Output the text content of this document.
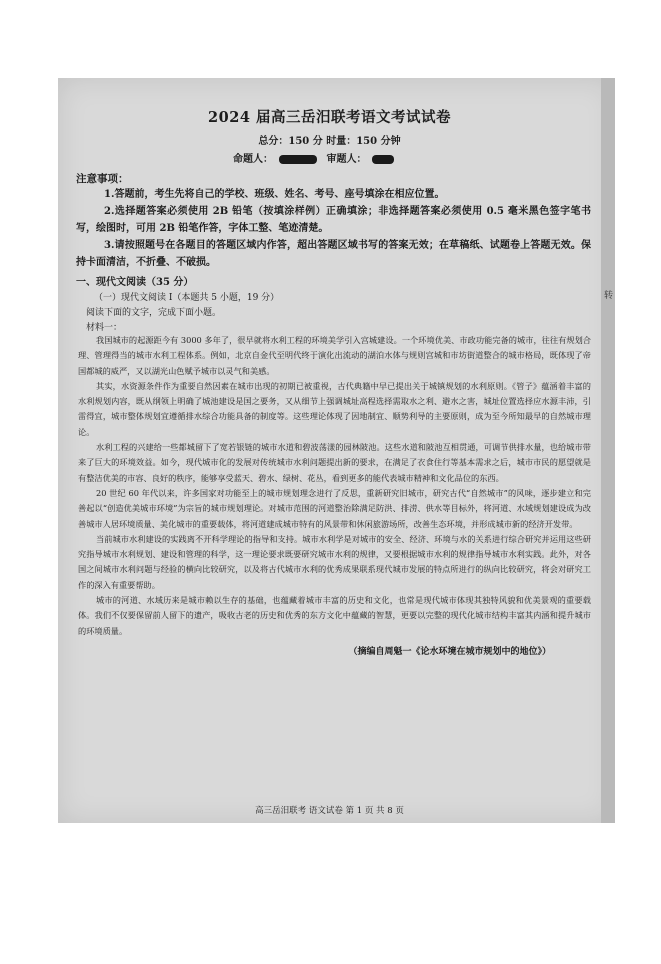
转
2024 届高三岳汨联考语文考试试卷
总分：150 分 时量：150 分钟
命题人：	审题人：
注意事项：
1.答题前，考生先将自己的学校、班级、姓名、考号、座号填涂在相应位置。
2.选择题答案必须使用 2B 铅笔（按填涂样例）正确填涂；非选择题答案必须使用 0.5 毫米黑色签字笔书写，绘图时，可用 2B 铅笔作答，字体工整、笔迹清楚。
3.请按照题号在各题目的答题区域内作答，超出答题区域书写的答案无效；在草稿纸、试题卷上答题无效。保持卡面清洁，不折叠、不破损。
一、现代文阅读（35 分）
（一）现代文阅读 I（本题共 5 小题，19 分）
阅读下面的文字，完成下面小题。
材料一：
我国城市的起源距今有 3000 多年了，很早就将水利工程的环境美学引入宫城建设。一个环境优美、市政功能完备的城市，往往有规划合理、管理得当的城市水利工程体系。例如，北京自金代至明代终于演化出流动的湖泊水体与规则宫城和市坊街道整合的城市格局，既体现了帝国都城的威严，又以湖光山色赋予城市以灵气和美感。
其实，水资源条件作为重要自然因素在城市出现的初期已被重视，古代典籍中早已提出关于城镇规划的水利原则。《管子》蕴涵着丰富的水利规划内容，既从纲领上明确了城池建设是国之要务，又从细节上强调城址高程选择需取水之利、避水之害，城址位置选择应水源丰沛，引雷得宜，城市整体规划宜遵循排水综合功能具备的制度等。这些理论体现了因地制宜、顺势利导的主要原则，成为至今所知最早的自然城市理论。
水利工程的兴建给一些都城留下了宽若银链的城市水道和碧波荡漾的园林陂池。这些水道和陂池互相贯通，可调节供排水量，也给城市带来了巨大的环境效益。如今，现代城市化的发展对传统城市水利问题提出新的要求，在满足了衣食住行等基本需求之后，城市市民的愿望就是有整洁优美的市容、良好的秩序，能够享受蓝天、碧水、绿树、花丛，看到更多的能代表城市精神和文化品位的东西。
20 世纪 60 年代以来，许多国家对功能至上的城市规划理念进行了反思，重新研究旧城市，研究古代“自然城市”的风味，逐步建立和完善起以“创造优美城市环境”为宗旨的城市规划理论。对城市范围的河道整治除满足防洪、排涝、供水等目标外，将河道、水域规划建设成为改善城市人居环境质量、美化城市的重要载体，将河道建成城市特有的风景带和休闲旅游场所，改善生态环境，并形成城市新的经济开发带。
当前城市水利建设的实践离不开科学理论的指导和支持。城市水利学是对城市的安全、经济、环境与水的关系进行综合研究并运用这些研究指导城市水利规划、建设和管理的科学，这一理论要求既要研究城市水利的规律，又要根据城市水利的规律指导城市水利实践。此外，对各国之间城市水利问题与经验的横向比较研究，以及将古代城市水利的优秀成果联系现代城市发展的特点所进行的纵向比较研究，将会对研究工作的深入有重要帮助。
城市的河道、水域历来是城市赖以生存的基础，也蕴藏着城市丰富的历史和文化，也常是现代城市体现其独特风貌和优美景观的重要载体。我们不仅要保留前人留下的遗产，吸收古老的历史和优秀的东方文化中蕴藏的智慧，更要以完整的现代化城市结构丰富其内涵和提升城市的环境质量。
（摘编自周魁一《论水环境在城市规划中的地位》）
高三岳汨联考 语文试卷 第 1 页 共 8 页
